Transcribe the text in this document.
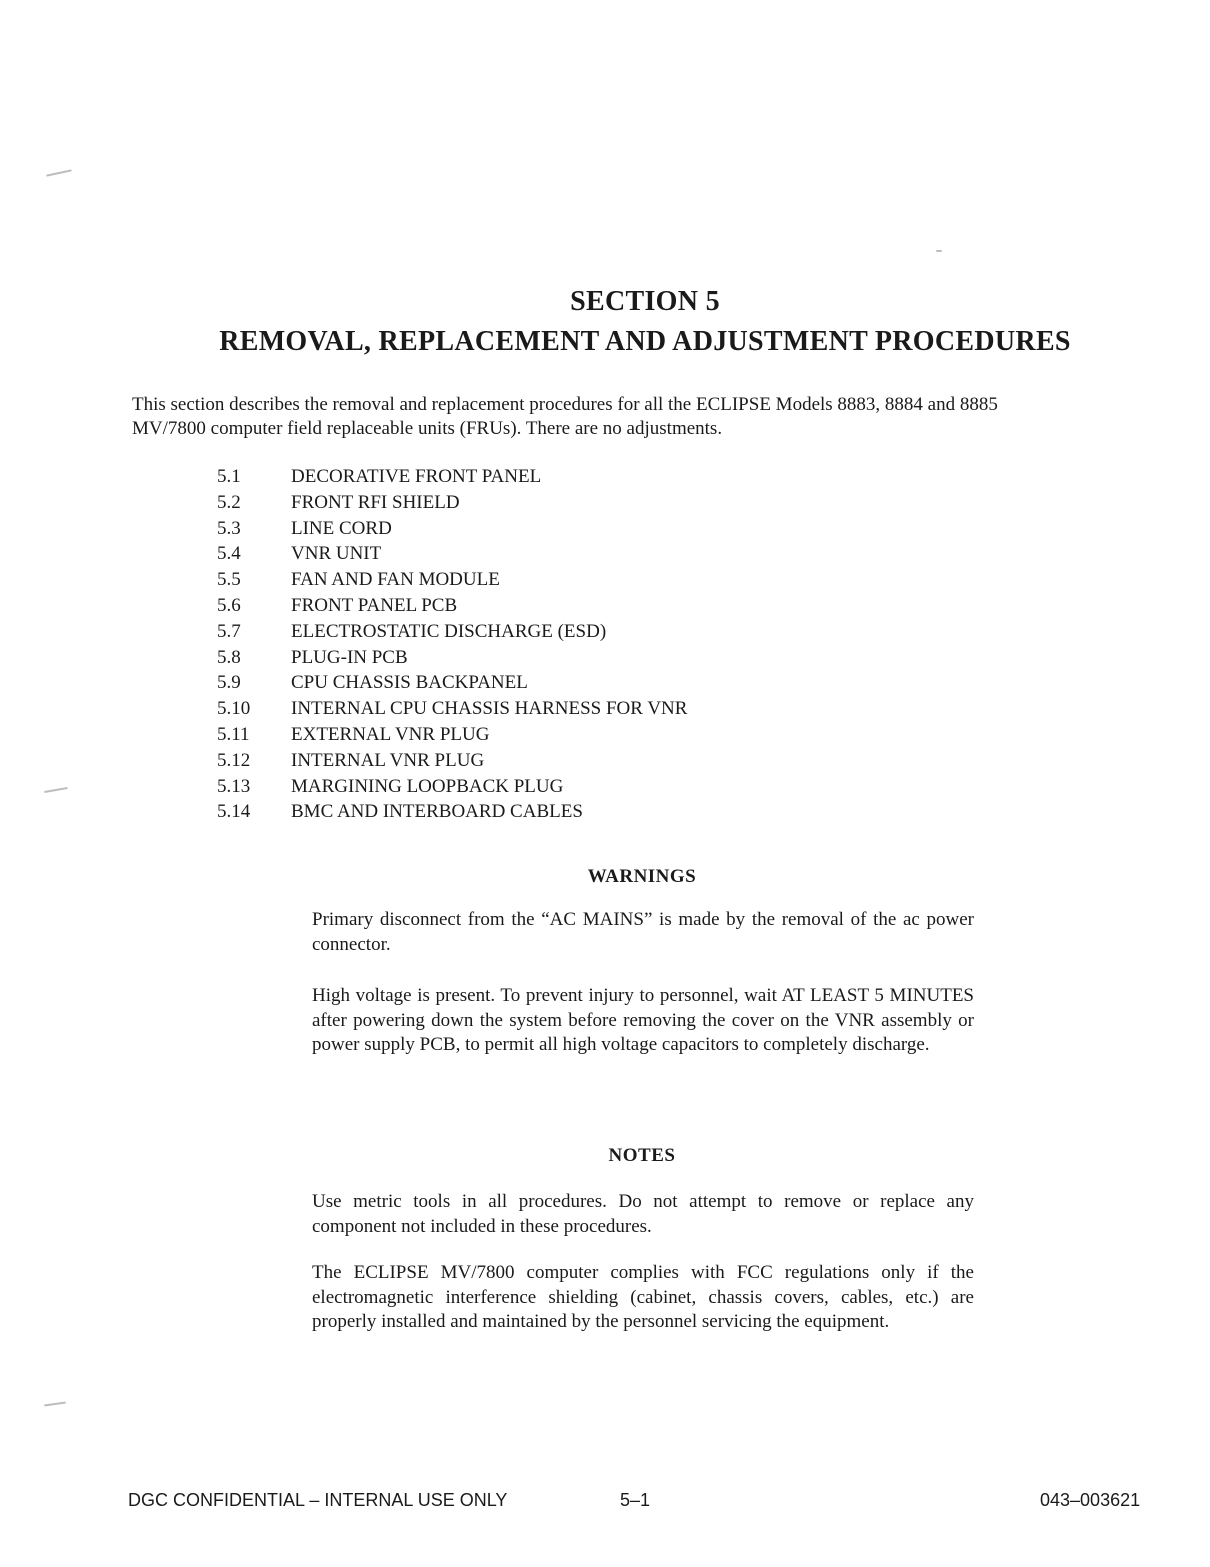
SECTION 5
REMOVAL, REPLACEMENT AND ADJUSTMENT PROCEDURES
This section describes the removal and replacement procedures for all the ECLIPSE Models 8883, 8884 and 8885
MV/7800 computer field replaceable units (FRUs). There are no adjustments.
5.1	DECORATIVE FRONT PANEL
5.2	FRONT RFI SHIELD
5.3	LINE CORD
5.4	VNR UNIT
5.5	FAN AND FAN MODULE
5.6	FRONT PANEL PCB
5.7	ELECTROSTATIC DISCHARGE (ESD)
5.8	PLUG-IN PCB
5.9	CPU CHASSIS BACKPANEL
5.10 INTERNAL CPU CHASSIS HARNESS FOR VNR
5.11 EXTERNAL VNR PLUG
5.12 INTERNAL VNR PLUG
5.13 MARGINING LOOPBACK PLUG
5.14 BMC AND INTERBOARD CABLES
WARNINGS

Primary disconnect from the “AC MAINS” is made by the removal of the ac power connector.

High voltage is present. To prevent injury to personnel, wait AT LEAST 5 MINUTES after powering down the system before removing the cover on the VNR assembly or power supply PCB, to permit all high voltage capacitors to completely discharge.

NOTES

Use metric tools in all procedures. Do not attempt to remove or replace any component not included in these procedures.

The ECLIPSE MV/7800 computer complies with FCC regulations only if the electromagnetic interference shielding (cabinet, chassis covers, cables, etc.) are properly installed and maintained by the personnel servicing the equipment.

DGC CONFIDENTIAL – INTERNAL USE ONLY	5–1	043–003621
